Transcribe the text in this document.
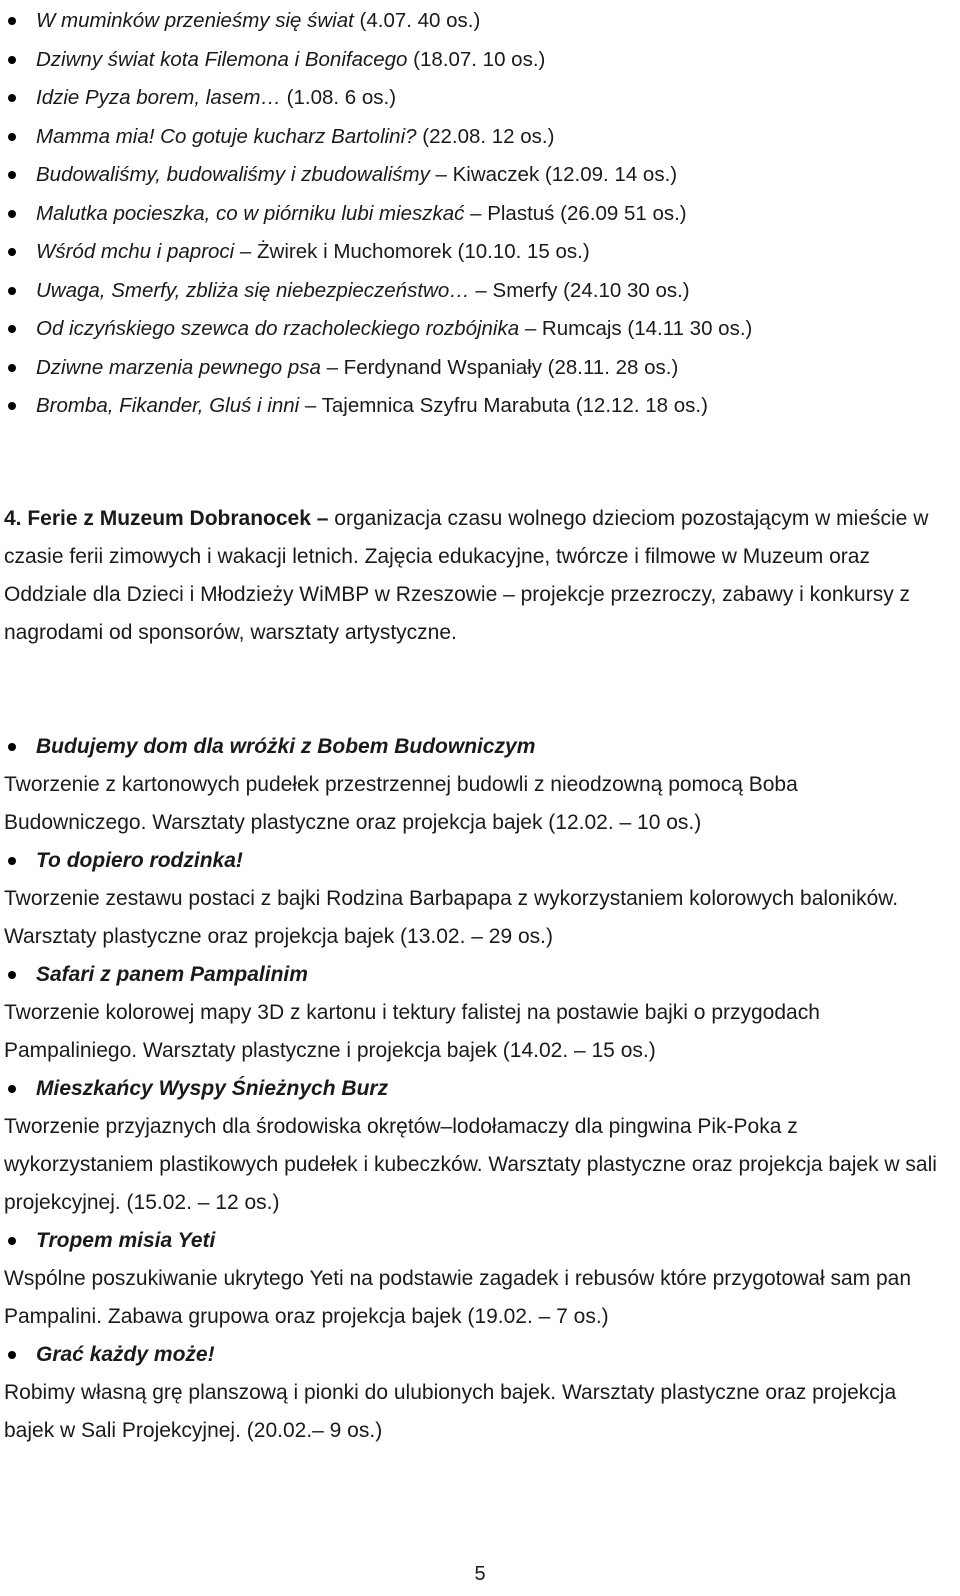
W muminków przenieśmy się świat (4.07. 40 os.)
Dziwny świat kota Filemona i Bonifacego (18.07. 10 os.)
Idzie Pyza borem, lasem… (1.08. 6 os.)
Mamma mia! Co gotuje kucharz Bartolini? (22.08. 12 os.)
Budowaliśmy, budowaliśmy i zbudowaliśmy – Kiwaczek (12.09. 14 os.)
Malutka pocieszka, co w piórniku lubi mieszkać – Plastuś (26.09 51 os.)
Wśród mchu i paproci – Żwirek i Muchomorek (10.10. 15 os.)
Uwaga, Smerfy, zbliża się niebezpieczeństwo… – Smerfy (24.10 30 os.)
Od iczyńskiego szewca do rzacholeckiego rozbójnika – Rumcajs (14.11 30 os.)
Dziwne marzenia pewnego psa – Ferdynand Wspaniały (28.11. 28 os.)
Bromba, Fikander, Gluś i inni – Tajemnica Szyfru Marabuta (12.12. 18 os.)
4. Ferie z Muzeum Dobranocek – organizacja czasu wolnego dzieciom pozostającym w mieście w czasie ferii zimowych i wakacji letnich. Zajęcia edukacyjne, twórcze i filmowe w Muzeum oraz Oddziale dla Dzieci i Młodzieży WiMBP w Rzeszowie – projekcje przezroczy, zabawy i konkursy z nagrodami od sponsorów, warsztaty artystyczne.
Budujemy dom dla wróżki z Bobem Budowniczym
Tworzenie z kartonowych pudełek przestrzennej budowli z nieodzowną pomocą Boba Budowniczego. Warsztaty plastyczne oraz projekcja bajek (12.02. – 10 os.)
To dopiero rodzinka!
Tworzenie zestawu postaci z bajki Rodzina Barbapapa z wykorzystaniem kolorowych baloników. Warsztaty plastyczne oraz projekcja bajek (13.02. – 29 os.)
Safari z panem Pampalinim
Tworzenie kolorowej mapy 3D z kartonu i tektury falistej na postawie bajki o przygodach Pampaliniego. Warsztaty plastyczne i projekcja bajek (14.02. – 15 os.)
Mieszkańcy Wyspy Śnieżnych Burz
Tworzenie przyjaznych dla środowiska okrętów–lodołamaczy dla pingwina Pik-Poka z wykorzystaniem plastikowych pudełek i kubeczków. Warsztaty plastyczne oraz projekcja bajek w sali projekcyjnej. (15.02. – 12 os.)
Tropem misia Yeti
Wspólne poszukiwanie ukrytego Yeti na podstawie zagadek i rebusów które przygotował sam pan Pampalini. Zabawa grupowa oraz projekcja bajek (19.02. – 7 os.)
Grać każdy może!
Robimy własną grę planszową i pionki do ulubionych bajek. Warsztaty plastyczne oraz projekcja bajek w Sali Projekcyjnej. (20.02.– 9 os.)
5
